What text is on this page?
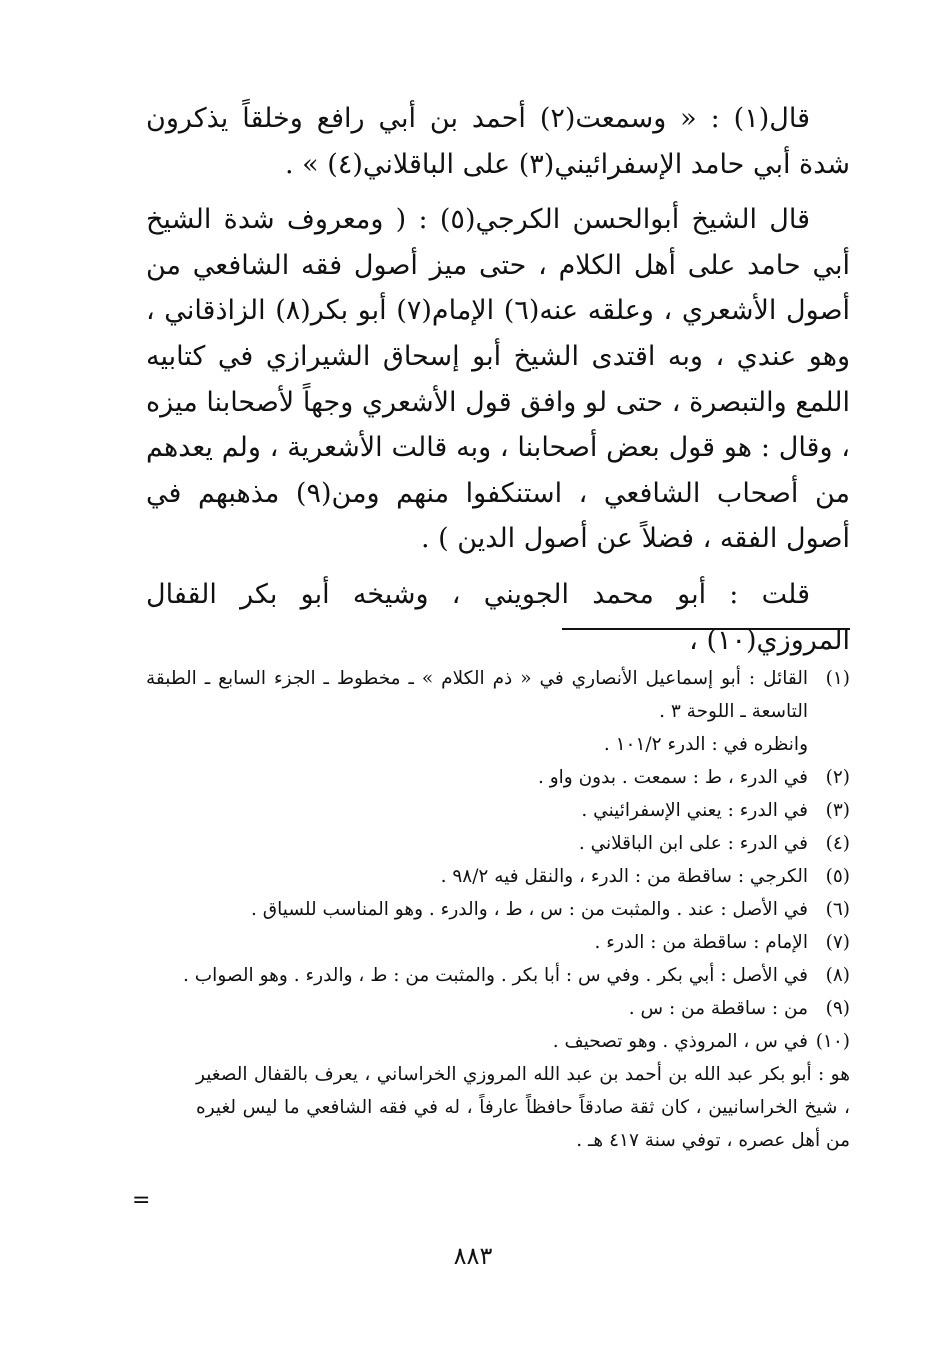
قال(١) : « وسمعت(٢) أحمد بن أبي رافع وخلقاً يذكرون شدة أبي حامد الإسفرائيني(٣) على الباقلاني(٤) » .

قال الشيخ أبوالحسن الكرجي(٥) : ( ومعروف شدة الشيخ أبي حامد على أهل الكلام ، حتى ميز أصول فقه الشافعي من أصول الأشعري ، وعلقه عنه(٦) الإمام(٧) أبو بكر(٨) الزاذقاني ، وهو عندي ، وبه اقتدى الشيخ أبو إسحاق الشيرازي في كتابيه اللمع والتبصرة ، حتى لو وافق قول الأشعري وجهاً لأصحابنا ميزه ، وقال : هو قول بعض أصحابنا ، وبه قالت الأشعرية ، ولم يعدهم من أصحاب الشافعي ، استنكفوا منهم ومن(٩) مذهبهم في أصول الفقه ، فضلاً عن أصول الدين ) .

قلت : أبو محمد الجويني ، وشيخه أبو بكر القفال المروزي(١٠) ،

(١)
القائل : أبو إسماعيل الأنصاري في « ذم الكلام » ـ مخطوط ـ الجزء السابع ـ الطبقة التاسعة ـ اللوحة ٣ .
وانظره في : الدرء ١٠١/٢ .
(٢)
في الدرء ، ط : سمعت . بدون واو .
(٣)
في الدرء : يعني الإسفرائيني .
(٤)
في الدرء : على ابن الباقلاني .
(٥)
الكرجي : ساقطة من : الدرء ، والنقل فيه ٩٨/٢ .
(٦)
في الأصل : عند . والمثبت من : س ، ط ، والدرء . وهو المناسب للسياق .
(٧)
الإمام : ساقطة من : الدرء .
(٨)
في الأصل : أبي بكر . وفي س : أبا بكر . والمثبت من : ط ، والدرء . وهو الصواب .
(٩)
من : ساقطة من : س .
(١٠)
في س ، المروذي . وهو تصحيف .
هو : أبو بكر عبد الله بن أحمد بن عبد الله المروزي الخراساني ، يعرف بالقفال الصغير ، شيخ الخراسانيين ، كان ثقة صادقاً حافظاً عارفاً ، له في فقه الشافعي ما ليس لغيره من أهل عصره ، توفي سنة ٤١٧ هـ .
=
٨٨٣
